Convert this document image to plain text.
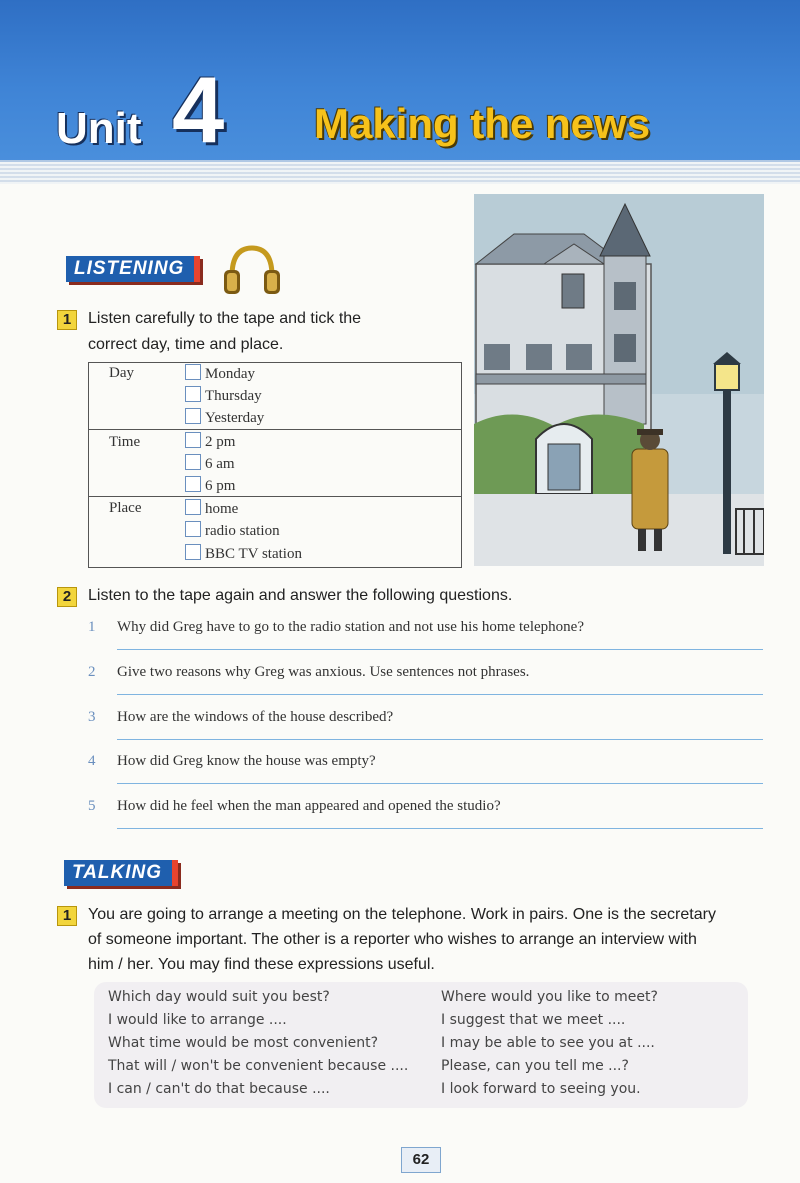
Unit 4 Making the news
LISTENING
1	Listen carefully to the tape and tick the
correct day, time and place.
Day	Monday
Thursday
Yesterday
Time	2 pm
6 am
6 pm
Place	home
radio station
BBC TV station
2	Listen to the tape again and answer the following questions.
1 Why did Greg have to go to the radio station and not use his home telephone?
2 Give two reasons why Greg was anxious. Use sentences not phrases.
3 How are the windows of the house described?
4 How did Greg know the house was empty?
5 How did he feel when the man appeared and opened the studio?
TALKING
1	You are going to arrange a meeting on the telephone. Work in pairs. One is the secretary
of someone important. The other is a reporter who wishes to arrange an interview with
him / her. You may find these expressions useful.
Which day would suit you best?
I would like to arrange ....
What time would be most convenient?
That will / won't be convenient because ....
I can / can't do that because ....
Where would you like to meet?
I suggest that we meet ....
I may be able to see you at ....
Please, can you tell me ...?
I look forward to seeing you.
62
